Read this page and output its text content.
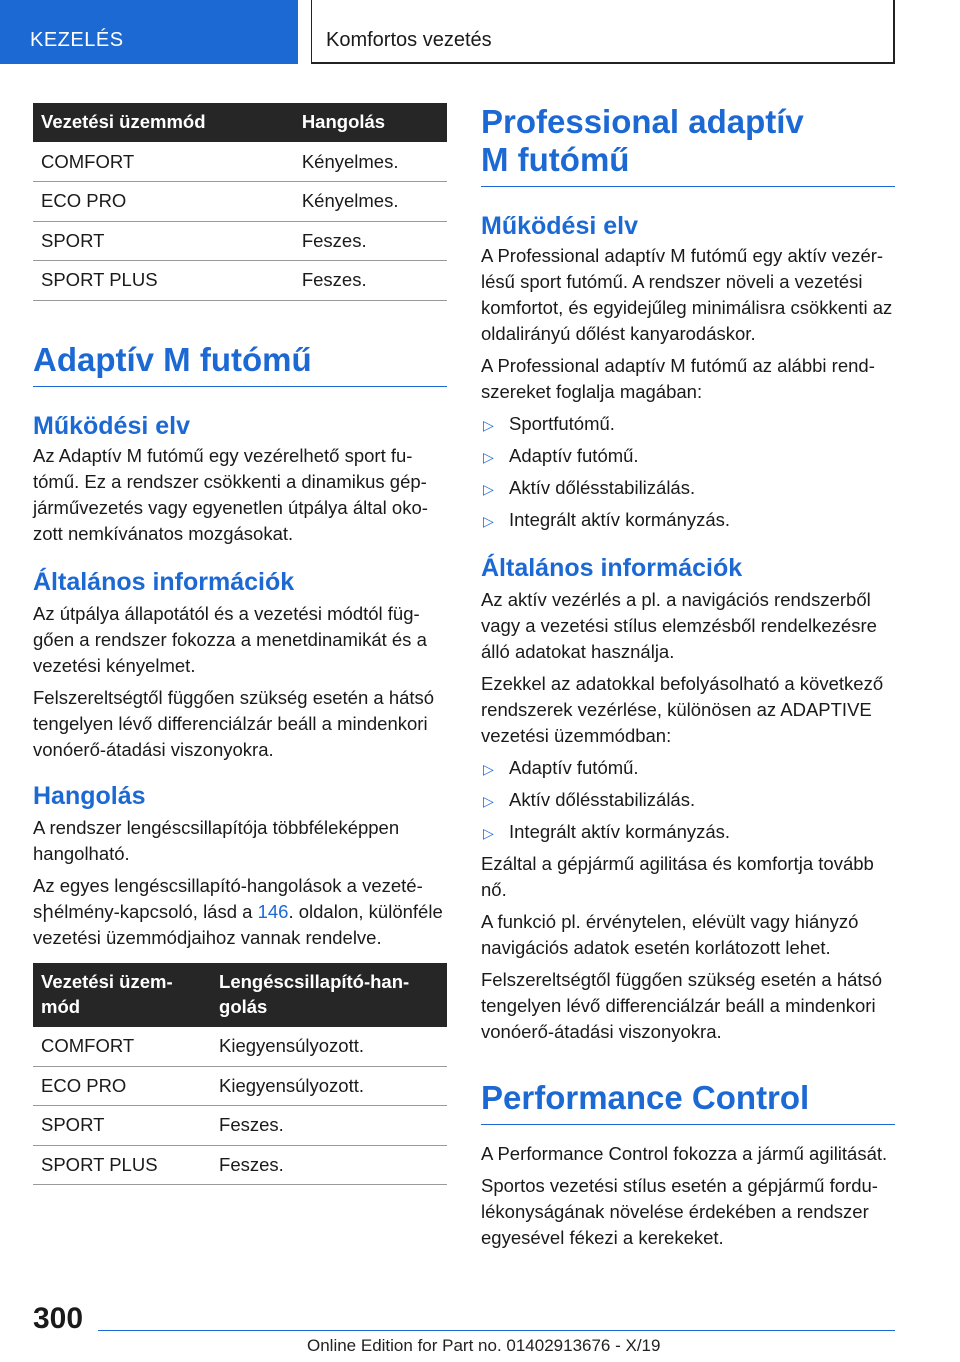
KEZELÉS	Komfortos vezetés
Vezetési üzemmód	Hangolás
COMFORT	Kényelmes.
ECO PRO	Kényelmes.
SPORT	Feszes.
SPORT PLUS	Feszes.
Adaptív M futómű
Működési elv

Az Adaptív M futómű egy vezérelhető sport fu-tómű. Ez a rendszer csökkenti a dinamikus gép-járművezetés vagy egyenetlen útpálya által oko-zott nemkívánatos mozgásokat.

Általános információk

Az útpálya állapotától és a vezetési módtól füg-gően a rendszer fokozza a menetdinamikát és a vezetési kényelmet.

Felszereltségtől függően szükség esetén a hátsó tengelyen lévő differenciálzár beáll a mindenkori vonóerő-átadási viszonyokra.

Hangolás

A rendszer lengéscsillapítója többféleképpen hangolható.

Az egyes lengéscsillapító-hangolások a vezeté-sիélmény-kapcsoló, lásd a 146. oldalon, különféle vezetési üzemmódjaihoz vannak rendelve.

Vezetési üzem-mód	Lengéscsillapító-han-golás
COMFORT	Kiegyensúlyozott.
ECO PRO	Kiegyensúlyozott.
SPORT	Feszes.
SPORT PLUS	Feszes.
Professional adaptív
M futómű
Működési elv

A Professional adaptív M futómű egy aktív vezér-lésű sport futómű. A rendszer növeli a vezetési komfortot, és egyidejűleg minimálisra csökkenti az oldalirányú dőlést kanyarodáskor.

A Professional adaptív M futómű az alábbi rend-szereket foglalja magában:

▷ Sportfutómű.
▷ Adaptív futómű.
▷ Aktív dőlésstabilizálás.
▷ Integrált aktív kormányzás.
Általános információk

Az aktív vezérlés a pl. a navigációs rendszerből vagy a vezetési stílus elemzésből rendelkezésre álló adatokat használja.

Ezekkel az adatokkal befolyásolható a következő rendszerek vezérlése, különösen az ADAPTIVE vezetési üzemmódban:

▷ Adaptív futómű.
▷ Aktív dőlésstabilizálás.
▷ Integrált aktív kormányzás.

Ezáltal a gépjármű agilitása és komfortja tovább nő.

A funkció pl. érvénytelen, elévült vagy hiányzó navigációs adatok esetén korlátozott lehet.

Felszereltségtől függően szükség esetén a hátsó tengelyen lévő differenciálzár beáll a mindenkori vonóerő-átadási viszonyokra.

Performance Control

A Performance Control fokozza a jármű agilitását.

Sportos vezetési stílus esetén a gépjármű fordu-lékonyságának növelése érdekében a rendszer egyesével fékezi a kerekeket.

300
Online Edition for Part no. 01402913676 - X/19
